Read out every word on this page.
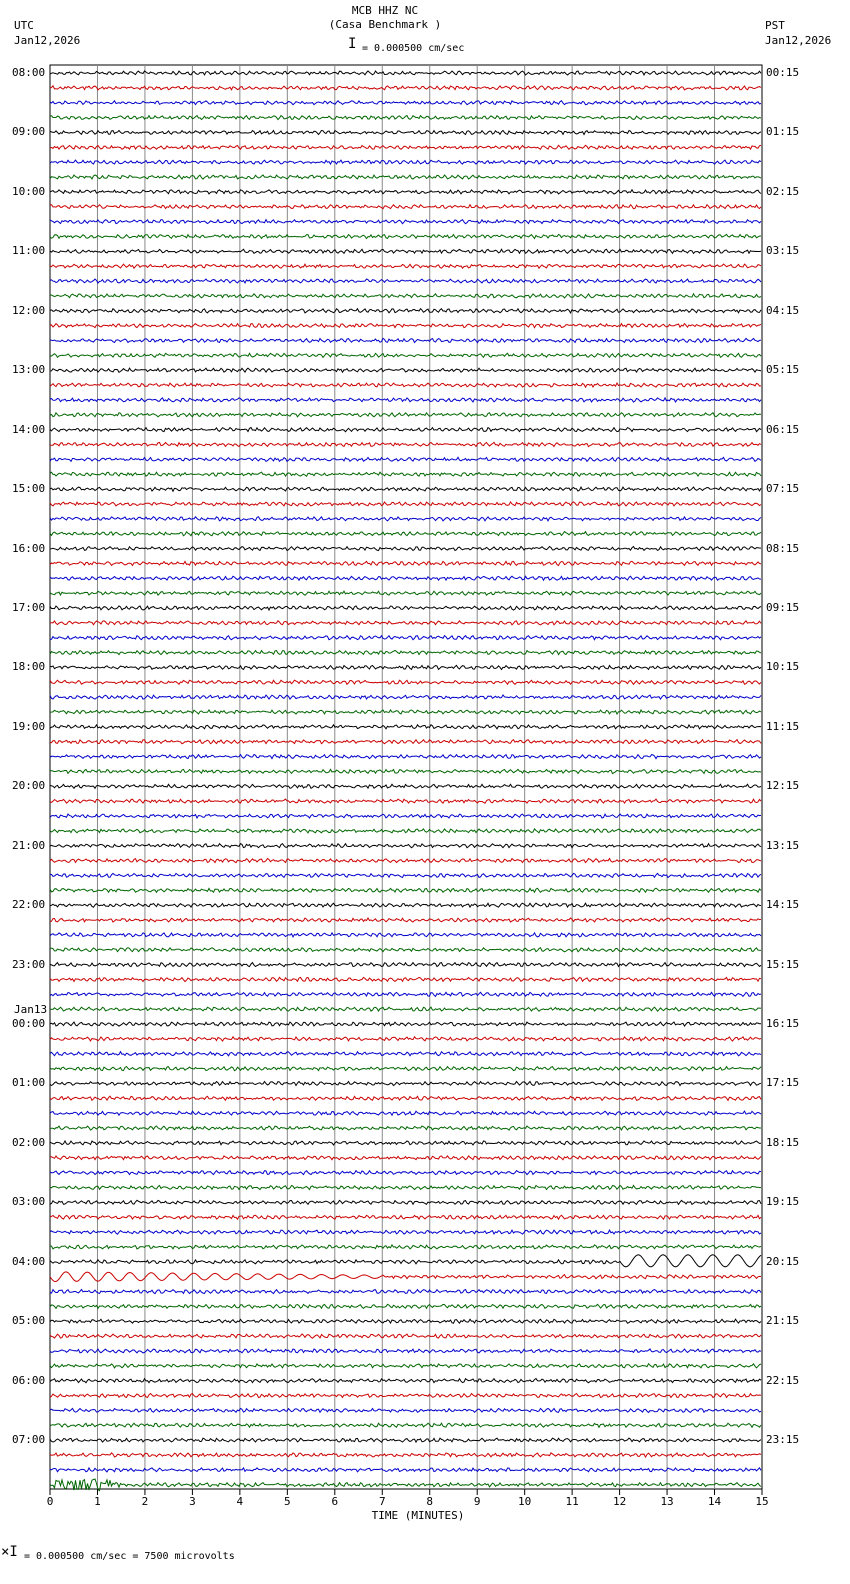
MCB HHZ NC
(Casa Benchmark )
I = 0.000500 cm/sec
UTC
Jan12,2026
PST
Jan12,2026
0	1	2	3	4	5	6	7	8	9	10	11	12	13	14	15
TIME (MINUTES)
08:00
09:00
10:00
11:00
12:00
13:00
14:00
15:00
16:00
17:00
18:00
19:00
20:00
21:00
22:00
23:00
00:00
Jan13
01:00
02:00
03:00
04:00
05:00
06:00
07:00
00:15
01:15
02:15
03:15
04:15
05:15
06:15
07:15
08:15
09:15
10:15
11:15
12:15
13:15
14:15
15:15
16:15
17:15
18:15
19:15
20:15
21:15
22:15
23:15
×I = 0.000500 cm/sec = 7500 microvolts
